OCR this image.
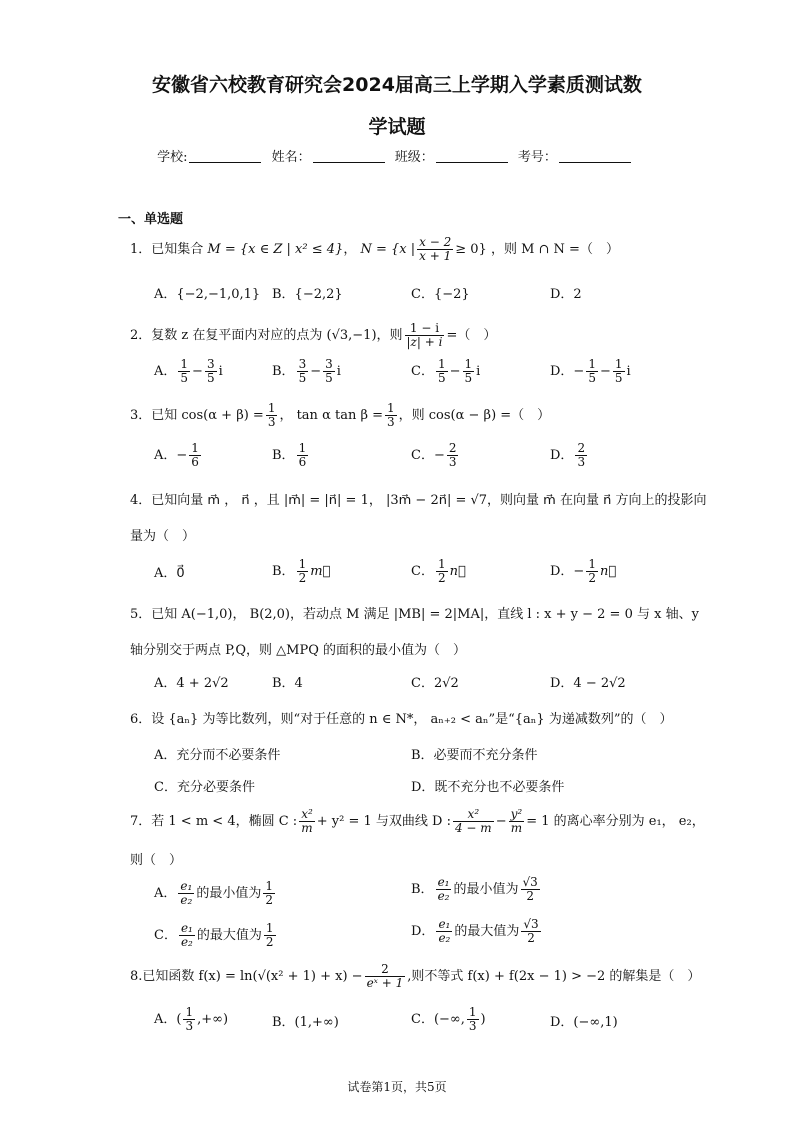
安徽省六校教育研究会2024届高三上学期入学素质测试数
学试题
学校:	姓名：	班级：	考号：
一、单选题
1．已知集合 M = {x ∈ Z | x² ≤ 4}， N = {x | $\frac{x - 2}{x + 1} \ge 0$} ，则 M ∩ N =（　）
A．{−2,−1,0,1} B．{−2,2}	C．{−2}	D．2
2．复数 z 在复平面内对应的点为 (√3,−1)，则 $\frac{1 - i}{|z| + i}$ =（　）
A． $\frac{1}{5} - \frac{3}{5}$ i	B． $\frac{3}{5} - \frac{3}{5}$ i	C． $\frac{1}{5} - \frac{1}{5}$ i	D．− $\frac{1}{5} - \frac{1}{5}$ i
3．已知 $\cos(\alpha + \beta) = \frac{1}{3}$ ， tan α $\tan \beta = \frac{1}{3}$ ，则 cos(α − β) =（　）
A．− $\frac{1}{6}$	B． $\frac{1}{6}$	C．− $\frac{2}{3}$	D． $\frac{2}{3}$
4．已知向量 m⃗ ， n⃗ ，且 |m⃗| = |n⃗| = 1， |3m⃗ − 2n⃗| = √7，则向量 m⃗ 在向量 n⃗ 方向上的投影向
量为（　）
A．0⃗	B． $\frac{1}{2}$ m⃗	C． $\frac{1}{2}$ n⃗	D．− $\frac{1}{2}$ n⃗
5．已知 A(−1,0)， B(2,0)，若动点 M 满足 |MB| = 2|MA|，直线 l : x + y − 2 = 0 与 x 轴、y
轴分别交于两点 P,Q，则 △MPQ 的面积的最小值为（　）
A．4 + 2√2	B．4	C．2√2	D．4 − 2√2
6．设 {aₙ} 为等比数列，则“对于任意的 n ∈ N*， aₙ₊₂ < aₙ”是“{aₙ} 为递减数列”的（　）
A．充分而不必要条件	B．必要而不充分条件
C．充分必要条件	D．既不充分也不必要条件
7．若 1 < m < 4，椭圆 C : $\frac{\text{x²}}{m} + y^2 = 1$ 与双曲线 D : $\frac{\text{x²}}{4 - m} - \frac{\text{y²}}{m} = 1$ 的离心率分别为 e₁， e₂，
则（　）
A． $\frac{\text{e₁}}{\text{e₂}}$ 的最小值为 $\frac{1}{2}$	B． $\frac{\text{e₁}}{\text{e₂}}$ 的最小值为 $\frac{√3}{2}$
C． $\frac{\text{e₁}}{\text{e₂}}$ 的最大值为 $\frac{1}{2}$	D． $\frac{\text{e₁}}{\text{e₂}}$ 的最大值为 $\frac{√3}{2}$
8.已知函数 $f(x) = \ln(√(x^2 + 1) + x) - \frac{2}{\text{eˣ + 1}}$ ,则不等式 f(x) + f(2x − 1) > −2 的解集是（　）
A．( $\frac{1}{3}$ ,+∞)	B．(1,+∞)	C．(−∞, $\frac{1}{3}$ )	D．(−∞,1)
试卷第1页，共5页
